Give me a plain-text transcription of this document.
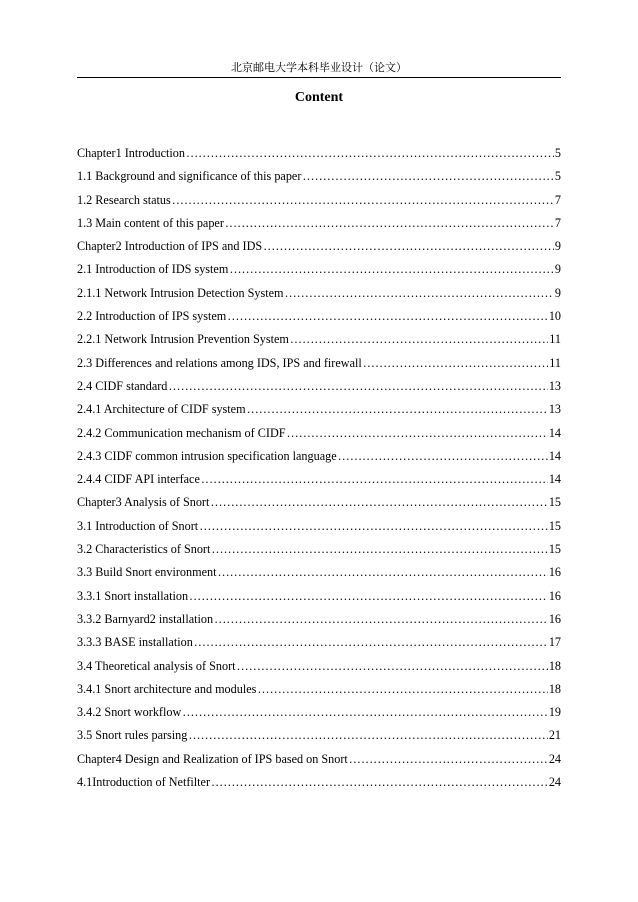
北京邮电大学本科毕业设计（论文）
Content
Chapter1 Introduction ………………………………………………………………………………………………………………………………………………………………………………	5
1.1 Background and significance of this paper ………………………………………………………………………………………………………………………………………………………………………………	5
1.2 Research status ………………………………………………………………………………………………………………………………………………………………………………	7
1.3 Main content of this paper ………………………………………………………………………………………………………………………………………………………………………………	7
Chapter2 Introduction of IPS and IDS ………………………………………………………………………………………………………………………………………………………………………………	9
2.1 Introduction of IDS system ………………………………………………………………………………………………………………………………………………………………………………	9
2.1.1 Network Intrusion Detection System ………………………………………………………………………………………………………………………………………………………………………………	9
2.2 Introduction of IPS system ………………………………………………………………………………………………………………………………………………………………………………	10
2.2.1 Network Intrusion Prevention System ………………………………………………………………………………………………………………………………………………………………………………	11
2.3 Differences and relations among IDS, IPS and firewall ………………………………………………………………………………………………………………………………………………………………………………	11
2.4 CIDF standard ………………………………………………………………………………………………………………………………………………………………………………	13
2.4.1 Architecture of CIDF system ………………………………………………………………………………………………………………………………………………………………………………	13
2.4.2 Communication mechanism of CIDF ………………………………………………………………………………………………………………………………………………………………………………	14
2.4.3 CIDF common intrusion specification language ………………………………………………………………………………………………………………………………………………………………………………	14
2.4.4 CIDF API interface ………………………………………………………………………………………………………………………………………………………………………………	14
Chapter3 Analysis of Snort ………………………………………………………………………………………………………………………………………………………………………………	15
3.1 Introduction of Snort ………………………………………………………………………………………………………………………………………………………………………………	15
3.2 Characteristics of Snort ………………………………………………………………………………………………………………………………………………………………………………	15
3.3 Build Snort environment ………………………………………………………………………………………………………………………………………………………………………………	16
3.3.1 Snort installation ………………………………………………………………………………………………………………………………………………………………………………	16
3.3.2 Barnyard2 installation ………………………………………………………………………………………………………………………………………………………………………………	16
3.3.3 BASE installation ………………………………………………………………………………………………………………………………………………………………………………	17
3.4 Theoretical analysis of Snort ………………………………………………………………………………………………………………………………………………………………………………	18
3.4.1 Snort architecture and modules ………………………………………………………………………………………………………………………………………………………………………………	18
3.4.2 Snort workflow ………………………………………………………………………………………………………………………………………………………………………………	19
3.5 Snort rules parsing ………………………………………………………………………………………………………………………………………………………………………………	21
Chapter4 Design and Realization of IPS based on Snort ………………………………………………………………………………………………………………………………………………………………………………	24
4.1Introduction of Netfilter ………………………………………………………………………………………………………………………………………………………………………………	24
